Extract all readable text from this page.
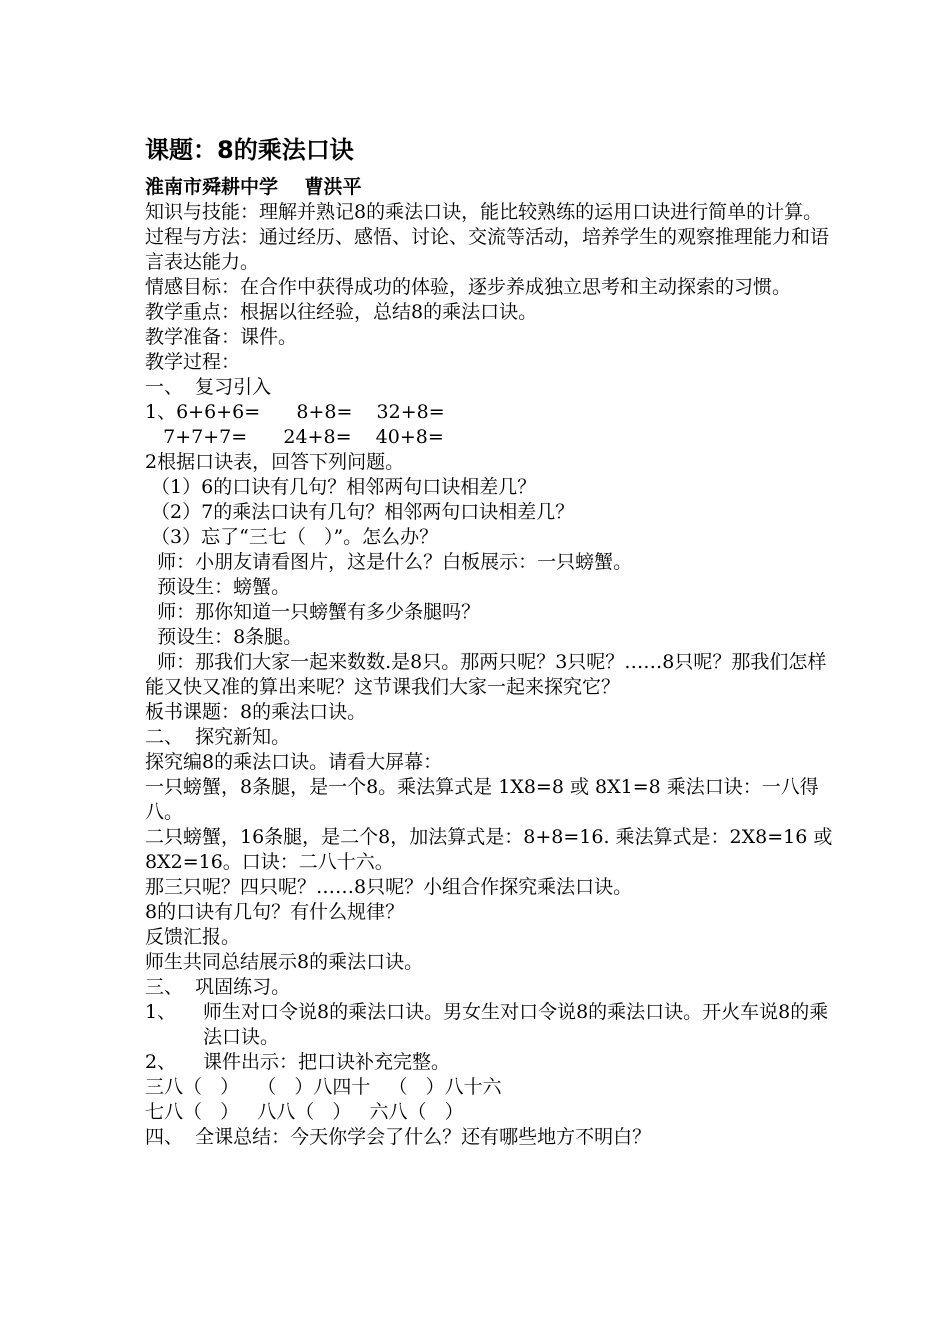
课题：8的乘法口诀
淮南市舜耕中学    曹洪平
知识与技能：理解并熟记8的乘法口诀，能比较熟练的运用口诀进行简单的计算。
过程与方法：通过经历、感悟、讨论、交流等活动，培养学生的观察推理能力和语言表达能力。
情感目标：在合作中获得成功的体验，逐步养成独立思考和主动探索的习惯。
教学重点：根据以往经验，总结8的乘法口诀。
教学准备：课件。
教学过程：
一、  复习引入
1、6+6+6=      8+8=    32+8=
7+7+7=      24+8=    40+8=
2根据口诀表，回答下列问题。
（1）6的口诀有几句？相邻两句口诀相差几？
（2）7的乘法口诀有几句？相邻两句口诀相差几？
（3）忘了“三七（   ）”。怎么办？
师：小朋友请看图片，这是什么？白板展示：一只螃蟹。
预设生：螃蟹。
师：那你知道一只螃蟹有多少条腿吗？
预设生：8条腿。
师：那我们大家一起来数数.是8只。那两只呢？3只呢？……8只呢？那我们怎样能又快又准的算出来呢？这节课我们大家一起来探究它？
板书课题：8的乘法口诀。
二、  探究新知。
探究编8的乘法口诀。请看大屏幕：
一只螃蟹，8条腿，是一个8。乘法算式是 1X8=8 或 8X1=8 乘法口诀：一八得八。
二只螃蟹，16条腿，是二个8，加法算式是：8+8=16. 乘法算式是：2X8=16 或 8X2=16。口诀：二八十六。
那三只呢？四只呢？……8只呢？小组合作探究乘法口诀。
8的口诀有几句？有什么规律？
反馈汇报。
师生共同总结展示8的乘法口诀。
三、  巩固练习。
1、	师生对口令说8的乘法口诀。男女生对口令说8的乘法口诀。开火车说8的乘法口诀。
2、	课件出示：把口诀补充完整。
三八（   ）   （   ）八四十   （   ）八十六
七八（   ）   八八（   ）   六八（   ）
四、  全课总结：今天你学会了什么？还有哪些地方不明白？
